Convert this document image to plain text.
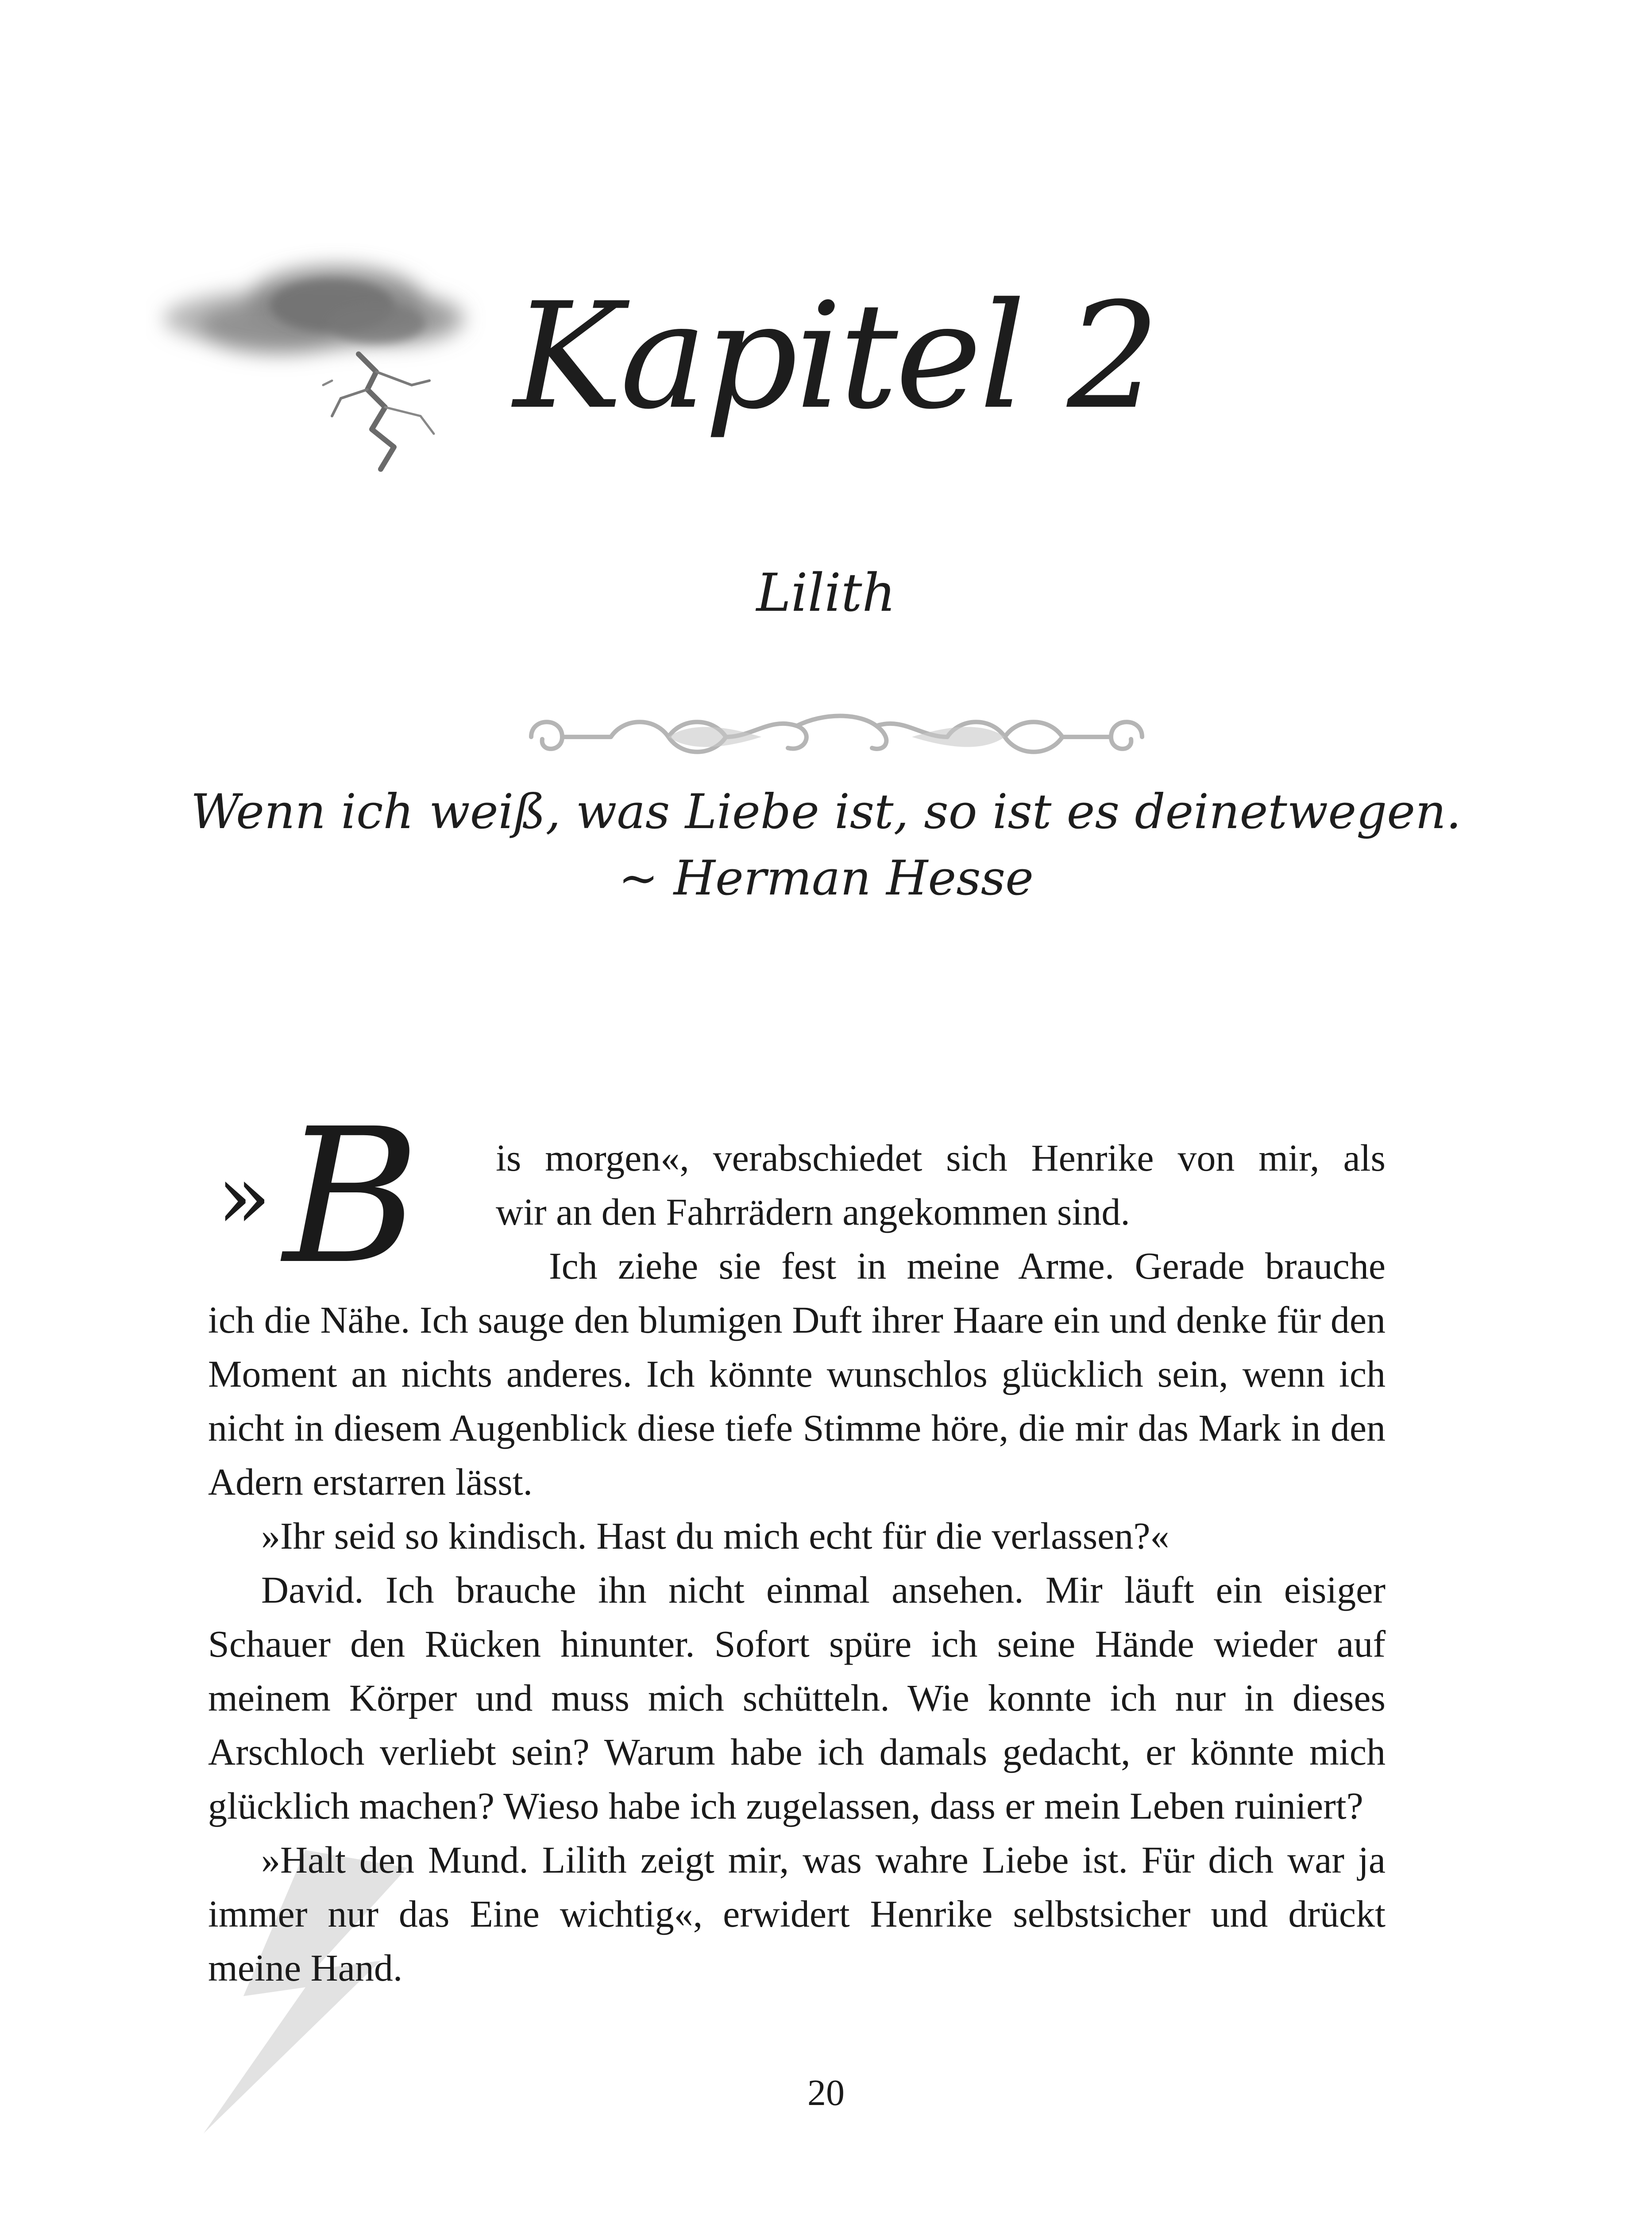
Kapitel 2
Lilith
Wenn ich weiß, was Liebe ist, so ist es deinetwegen.
~ Herman Hesse
» B is morgen«, verabschiedet sich Henrike von mir, als
wir an den Fahrrädern angekommen sind.
Ich ziehe sie fest in meine Arme. Gerade brauche

ich die Nähe. Ich sauge den blumigen Duft ihrer Haare ein und denke für den Moment an nichts anderes. Ich könnte wunschlos glücklich sein, wenn ich nicht in diesem Augenblick diese tiefe Stimme höre, die mir das Mark in den Adern erstarren lässt.

»Ihr seid so kindisch. Hast du mich echt für die verlassen?«

David. Ich brauche ihn nicht einmal ansehen. Mir läuft ein eisiger Schauer den Rücken hinunter. Sofort spüre ich seine Hände wieder auf meinem Körper und muss mich schütteln. Wie konnte ich nur in dieses Arschloch verliebt sein? Warum habe ich damals gedacht, er könnte mich glücklich machen? Wieso habe ich zugelassen, dass er mein Leben ruiniert?

»Halt den Mund. Lilith zeigt mir, was wahre Liebe ist. Für dich war ja immer nur das Eine wichtig«, erwidert Henrike selbstsicher und drückt meine Hand.

20
